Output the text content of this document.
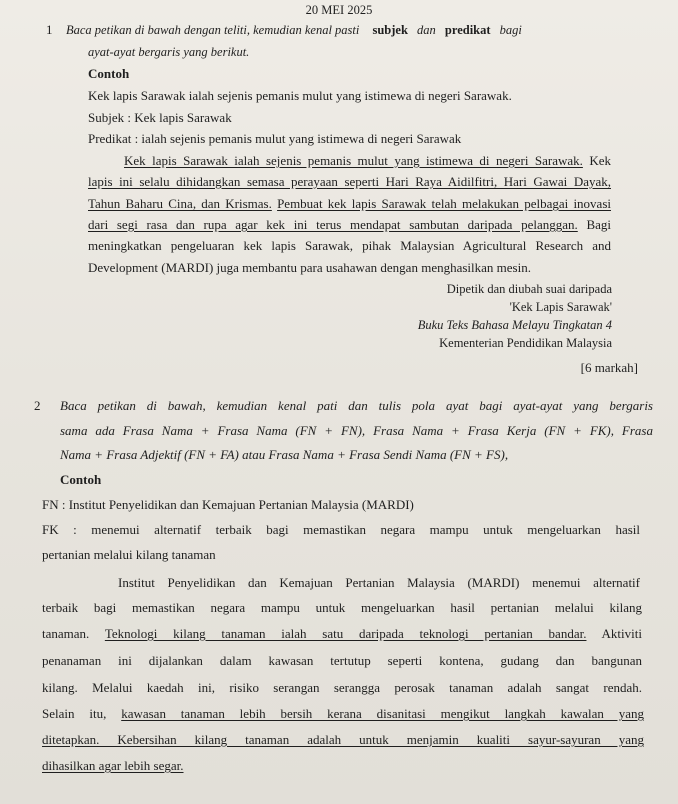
20 MEI 2025
1 Baca petikan di bawah dengan teliti, kemudian kenal pasti subjek dan predikat bagi
ayat-ayat bergaris yang berikut.
Contoh
Kek lapis Sarawak ialah sejenis pemanis mulut yang istimewa di negeri Sarawak.
Subjek : Kek lapis Sarawak
Predikat : ialah sejenis pemanis mulut yang istimewa di negeri Sarawak
Kek lapis Sarawak ialah sejenis pemanis mulut yang istimewa di negeri Sarawak. Kek
lapis ini selalu dihidangkan semasa perayaan seperti Hari Raya Aidilfitri, Hari Gawai Dayak,
Tahun Baharu Cina, dan Krismas. Pembuat kek lapis Sarawak telah melakukan pelbagai inovasi
dari segi rasa dan rupa agar kek ini terus mendapat sambutan daripada pelanggan. Bagi
meningkatkan pengeluaran kek lapis Sarawak, pihak Malaysian Agricultural Research and
Development (MARDI) juga membantu para usahawan dengan menghasilkan mesin.
Dipetik dan diubah suai daripada
'Kek Lapis Sarawak'
Buku Teks Bahasa Melayu Tingkatan 4
Kementerian Pendidikan Malaysia
[6 markah]
2 Baca petikan di bawah, kemudian kenal pati dan tulis pola ayat bagi ayat-ayat yang bergaris
sama ada Frasa Nama + Frasa Nama (FN + FN), Frasa Nama + Frasa Kerja (FN + FK), Frasa
Nama + Frasa Adjektif (FN + FA) atau Frasa Nama + Frasa Sendi Nama (FN + FS),
Contoh
FN : Institut Penyelidikan dan Kemajuan Pertanian Malaysia (MARDI)
FK : menemui alternatif terbaik bagi memastikan negara mampu untuk mengeluarkan hasil
pertanian melalui kilang tanaman
Institut Penyelidikan dan Kemajuan Pertanian Malaysia (MARDI) menemui alternatif
terbaik bagi memastikan negara mampu untuk mengeluarkan hasil pertanian melalui kilang
tanaman. Teknologi kilang tanaman ialah satu daripada teknologi pertanian bandar. Aktiviti
penanaman ini dijalankan dalam kawasan tertutup seperti kontena, gudang dan bangunan
kilang. Melalui kaedah ini, risiko serangan serangga perosak tanaman adalah sangat rendah.
Selain itu, kawasan tanaman lebih bersih kerana disanitasi mengikut langkah kawalan yang
ditetapkan. Kebersihan kilang tanaman adalah untuk menjamin kualiti sayur-sayuran yang
dihasilkan agar lebih segar.
